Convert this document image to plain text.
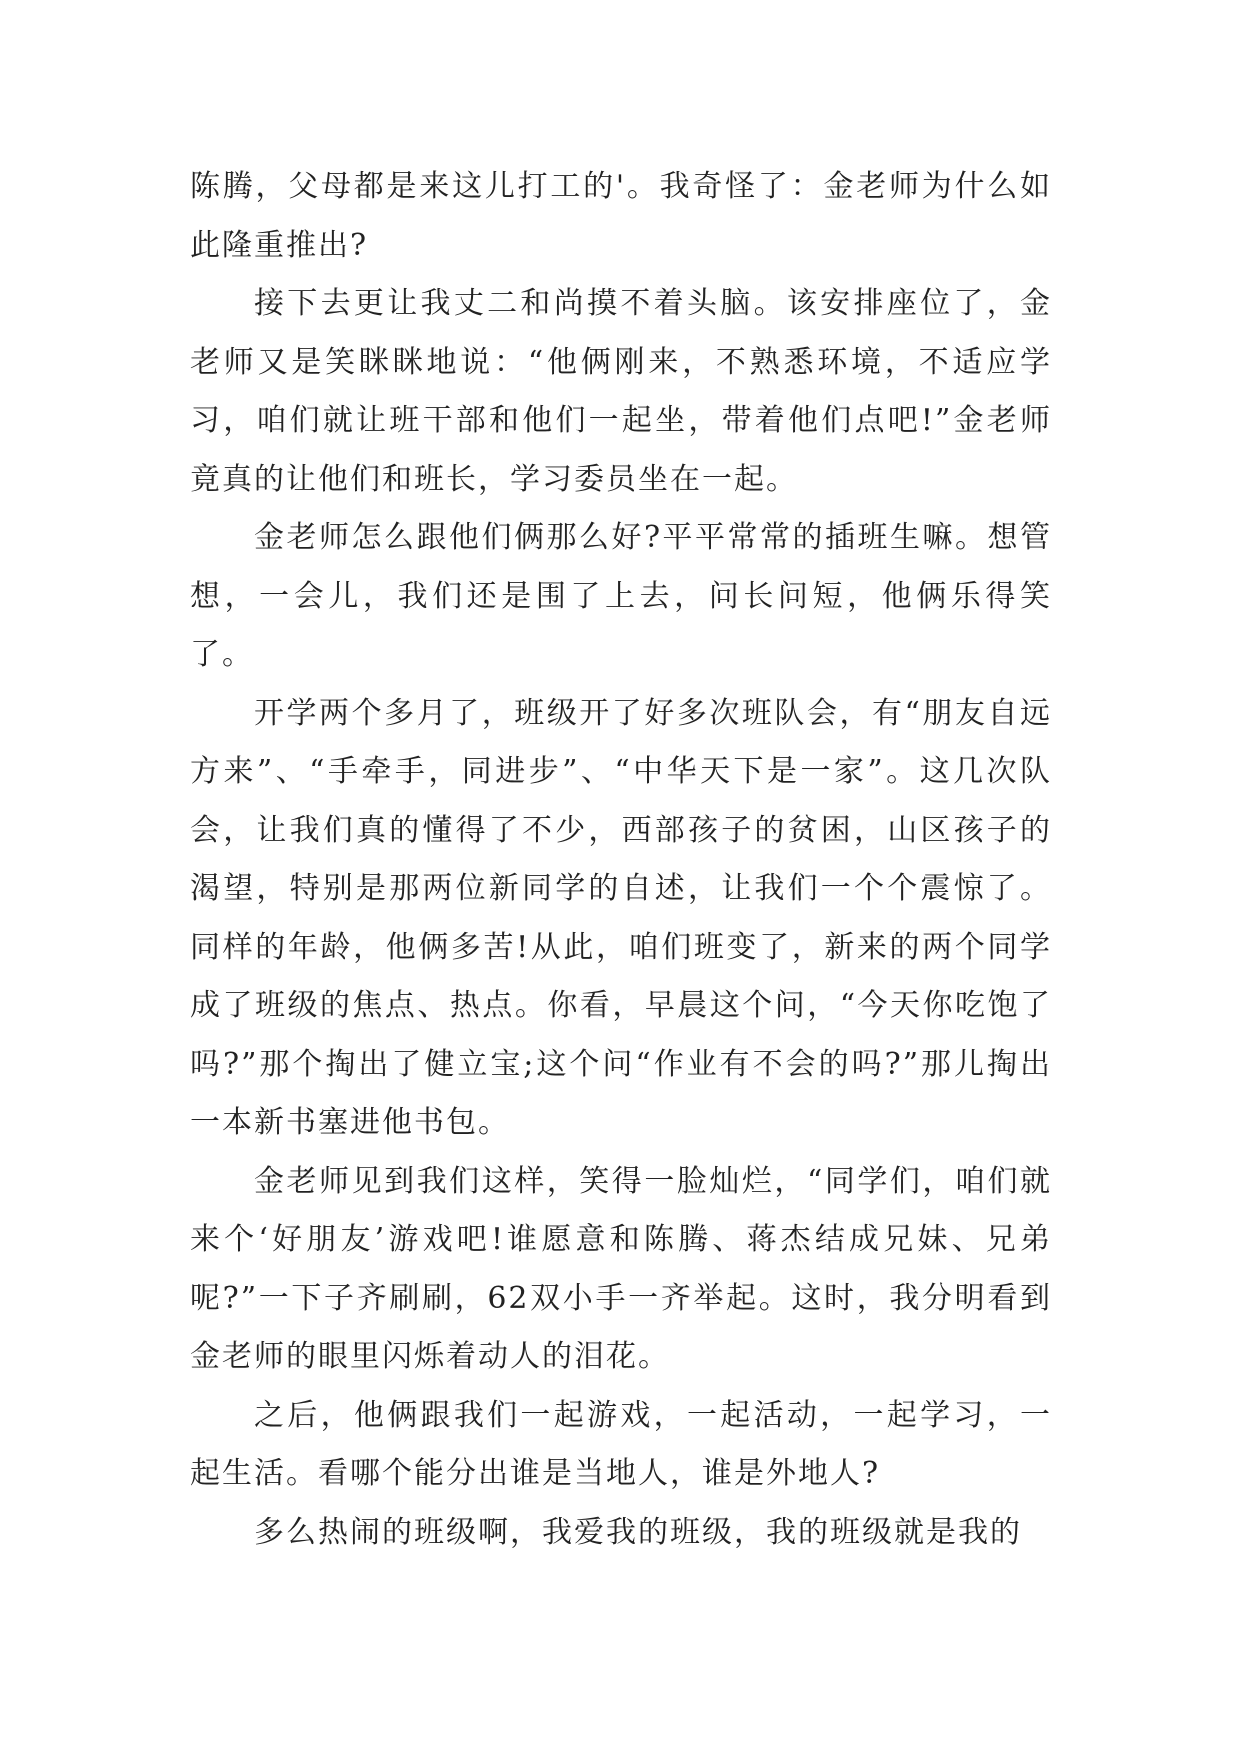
陈腾，父母都是来这儿打工的'。我奇怪了：金老师为什么如此隆重推出?

接下去更让我丈二和尚摸不着头脑。该安排座位了，金老师又是笑眯眯地说：“他俩刚来，不熟悉环境，不适应学习，咱们就让班干部和他们一起坐，带着他们点吧!”金老师竟真的让他们和班长，学习委员坐在一起。

金老师怎么跟他们俩那么好?平平常常的插班生嘛。想管想，一会儿，我们还是围了上去，问长问短，他俩乐得笑了。

开学两个多月了，班级开了好多次班队会，有“朋友自远方来”、“手牵手，同进步”、“中华天下是一家”。这几次队会，让我们真的懂得了不少，西部孩子的贫困，山区孩子的渴望，特别是那两位新同学的自述，让我们一个个震惊了。同样的年龄，他俩多苦!从此，咱们班变了，新来的两个同学成了班级的焦点、热点。你看，早晨这个问，“今天你吃饱了吗?”那个掏出了健立宝;这个问“作业有不会的吗?”那儿掏出一本新书塞进他书包。

金老师见到我们这样，笑得一脸灿烂，“同学们，咱们就来个‘好朋友’游戏吧!谁愿意和陈腾、蒋杰结成兄妹、兄弟呢?”一下子齐刷刷，62双小手一齐举起。这时，我分明看到金老师的眼里闪烁着动人的泪花。

之后，他俩跟我们一起游戏，一起活动，一起学习，一起生活。看哪个能分出谁是当地人，谁是外地人?

多么热闹的班级啊，我爱我的班级，我的班级就是我的
